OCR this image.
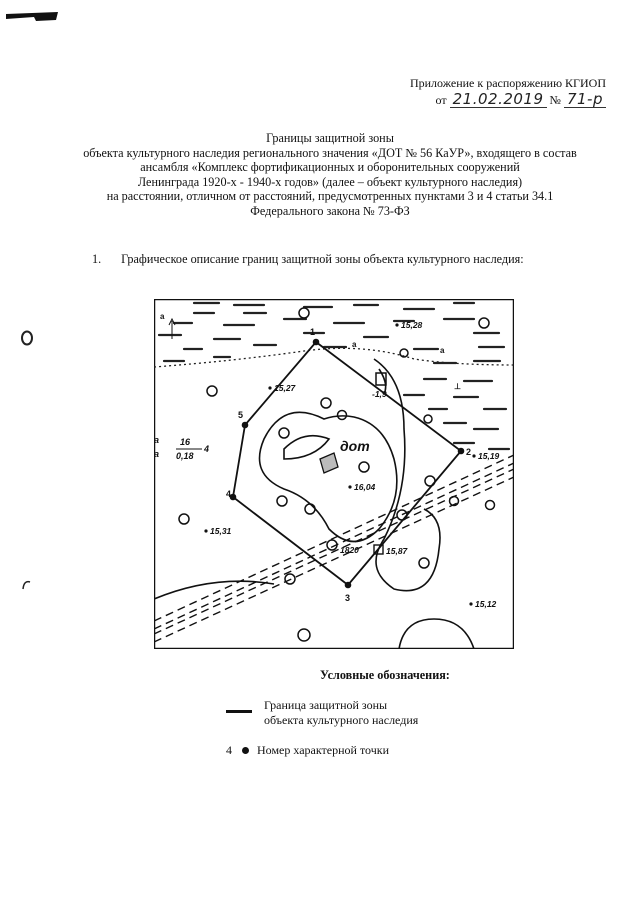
Приложение к распоряжению КГИОП
от 21.02.2019 № 71-р
Границы защитной зоны
объекта культурного наследия регионального значения «ДОТ № 56 КаУР», входящего в состав
ансамбля «Комплекс фортификационных и оборонительных сооружений
Ленинграда 1920-х - 1940-х годов» (далее – объект культурного наследия)
на расстоянии, отличном от расстояний, предусмотренных пунктами 3 и 4 статьи 34.1
Федерального закона № 73-ФЗ
1. Графическое описание границ защитной зоны объекта культурного наследия:
1
2
3
4
5
дот
15,28
15,27
15,19
16,04
15,31
15,87
15,12
-1,9
1820
а
а
16
0,18
4
a
a
a
⊥
Условные обозначения:
Граница защитной зоны
объекта культурного наследия
4 Номер характерной точки
